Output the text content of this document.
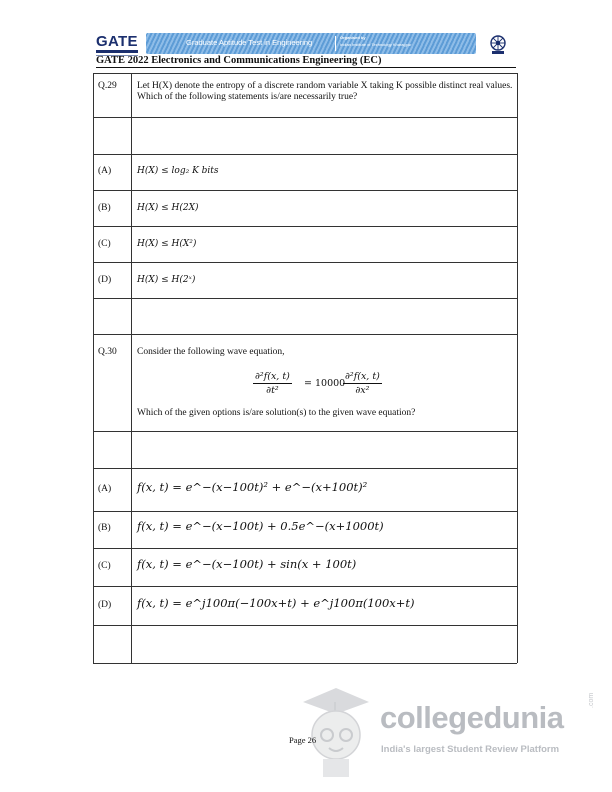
GATE	Graduate Aptitude Test in Engineering
Organised by
Indian Institute of Technology Kharagpur
GATE 2022 Electronics and Communications Engineering (EC)
Q.29 Let H(X) denote the entropy of a discrete random variable X taking K possible distinct real values. Which of the following statements is/are necessarily true?
(A)	H(X) ≤ log₂ K bits
(B)	H(X) ≤ H(2X)
(C)	H(X) ≤ H(X²)
(D)	H(X) ≤ H(2ˣ)
Q.30 Consider the following wave equation,
$\frac{\text{∂²f(x, t)}}{\text{∂t²}} = 10000$
$\frac{\text{∂²f(x, t)}}{\text{∂x²}}$
Which of the given options is/are solution(s) to the given wave equation?
(A) f(x, t) = e^−(x−100t)² + e^−(x+100t)²
(B) f(x, t) = e^−(x−100t) + 0.5e^−(x+1000t)
(C) f(x, t) = e^−(x−100t) + sin(x + 100t)
(D) f(x, t) = e^j100π(−100x+t) + e^j100π(100x+t)
Page 26
collegedunia	.com
India's largest Student Review Platform
